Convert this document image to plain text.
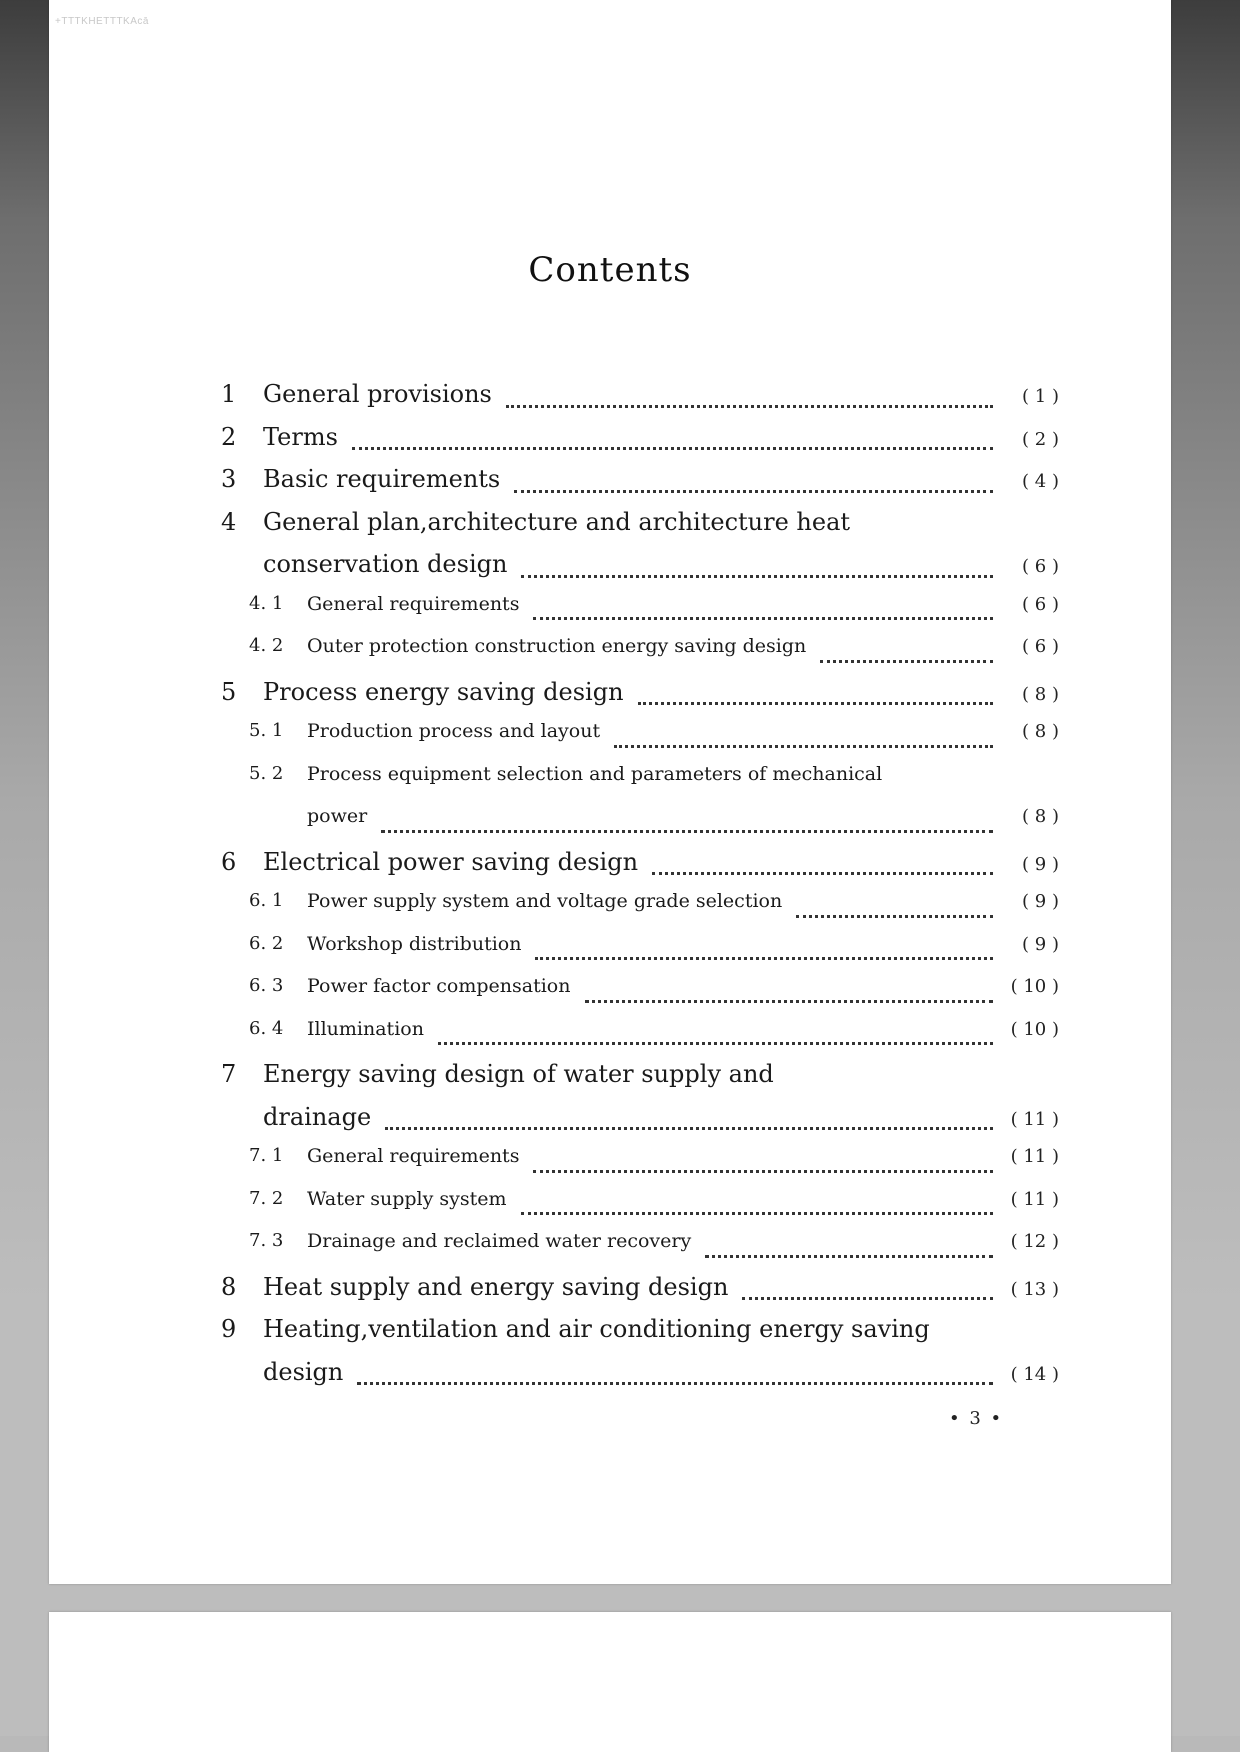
+TTTKHETTTKAcā
Contents
1	General provisions	( 1 )
2	Terms	( 2 )
3	Basic requirements	( 4 )
4 General plan,architecture and architecture heat
conservation design	( 6 )
4. 1	General requirements	( 6 )
4. 2	Outer protection construction energy saving design	( 6 )
5	Process energy saving design	( 8 )
5. 1	Production process and layout	( 8 )
5. 2 Process equipment selection and parameters of mechanical
power	( 8 )
6	Electrical power saving design	( 9 )
6. 1	Power supply system and voltage grade selection	( 9 )
6. 2	Workshop distribution	( 9 )
6. 3	Power factor compensation	( 10 )
6. 4	Illumination	( 10 )
7 Energy saving design of water supply and
drainage	( 11 )
7. 1	General requirements	( 11 )
7. 2	Water supply system	( 11 )
7. 3	Drainage and reclaimed water recovery	( 12 )
8	Heat supply and energy saving design	( 13 )
9 Heating,ventilation and air conditioning energy saving
design	( 14 )
• 3 •
